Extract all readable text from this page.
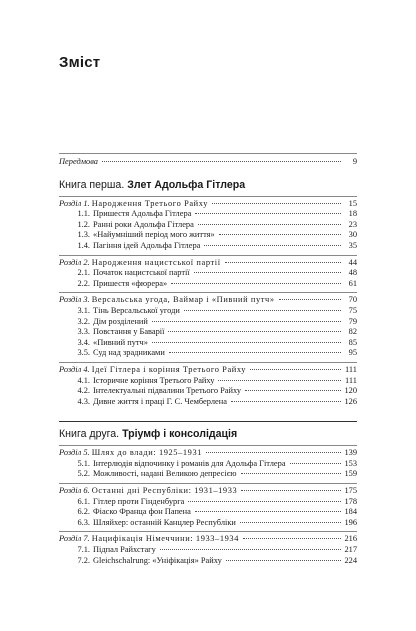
Зміст
Передмова	9
Книга перша. Злет Адольфа Гітлера
Розділ 1. Народження Третього Райху	15
1.1. Пришестя Адольфа Гітлера	18
1.2. Ранні роки Адольфа Гітлера	23
1.3. «Найумніший період мого життя»	30
1.4. Пагіння ідей Адольфа Гітлера	35
Розділ 2. Народження нацистської партії	44
2.1. Початок нацистської партії	48
2.2. Пришестя «фюрера»	61
Розділ 3. Версальська угода, Ваймар і «Пивний путч»	70
3.1. Тінь Версальської угоди	75
3.2. Дім розділений	79
3.3. Повстання у Баварії	82
3.4. «Пивний путч»	85
3.5. Суд над зрадниками	95
Розділ 4. Ідеї Гітлера і коріння Третього Райху	111
4.1. Історичне коріння Третього Райху	111
4.2. Інтелектуальні підвалини Третього Райху	120
4.3. Дивне життя і праці Г. С. Чемберлена	126
Книга друга. Тріумф і консолідація
Розділ 5. Шлях до влади: 1925–1931	139
5.1. Інтерлюдія відпочинку і романів для Адольфа Гітлера	153
5.2. Можливості, надані Великою депресією	159
Розділ 6. Останні дні Республіки: 1931–1933	175
6.1. Гітлер проти Гінденбурга	178
6.2. Фіаско Франца фон Папена	184
6.3. Шляйхер: останній Канцлер Республіки	196
Розділ 7. Нацифікація Німеччини: 1933–1934	216
7.1. Підпал Райхстагу	217
7.2. Gleichschalrung: «Уніфікація» Райху	224
